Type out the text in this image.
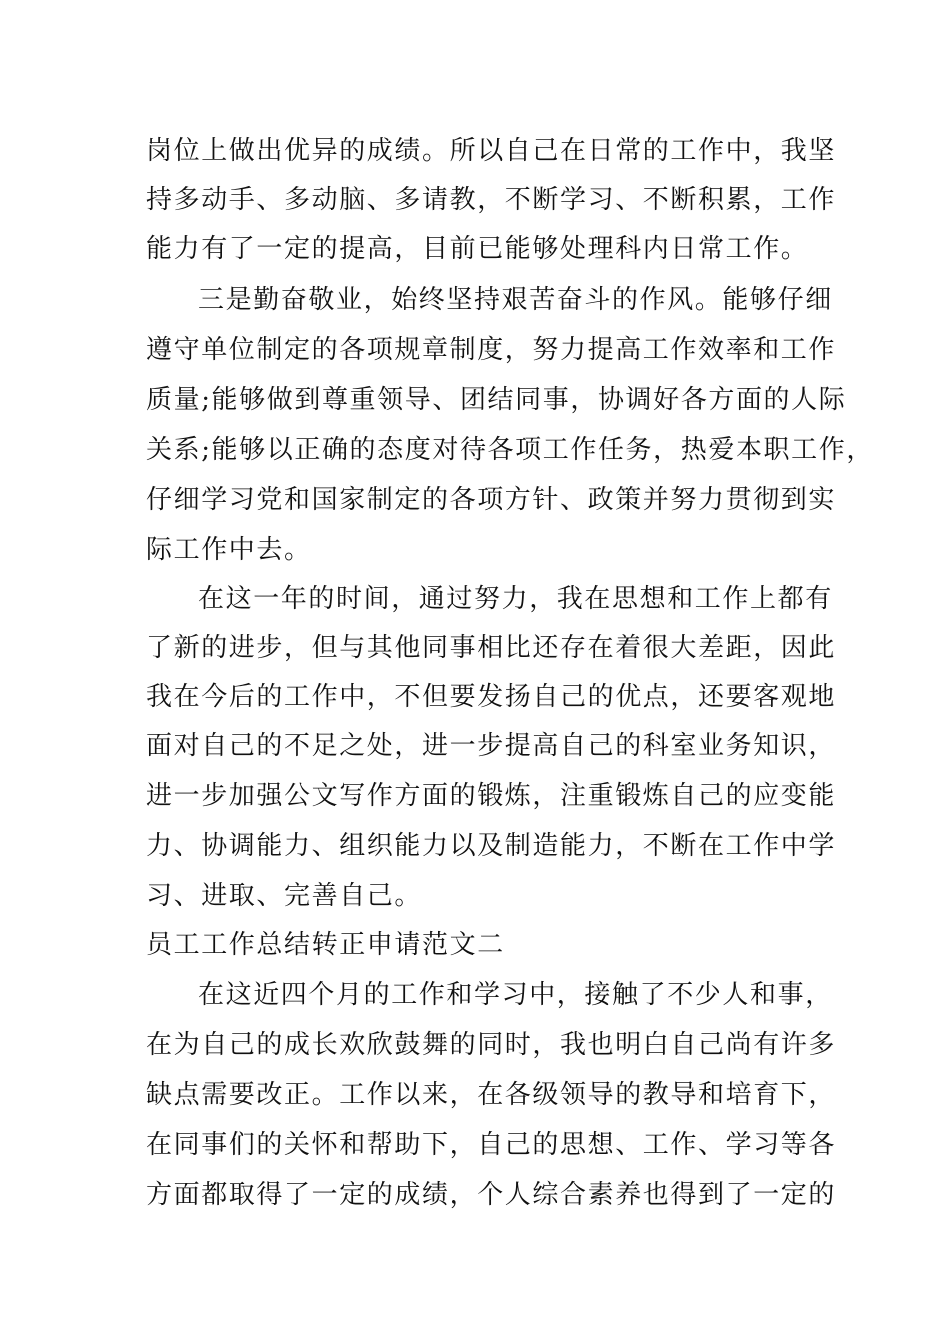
岗位上做出优异的成绩。所以自己在日常的工作中，我坚
持多动手、多动脑、多请教，不断学习、不断积累，工作
能力有了一定的提高，目前已能够处理科内日常工作。
三是勤奋敬业，始终坚持艰苦奋斗的作风。能够仔细
遵守单位制定的各项规章制度，努力提高工作效率和工作
质量;能够做到尊重领导、团结同事，协调好各方面的人际
关系;能够以正确的态度对待各项工作任务，热爱本职工作，
仔细学习党和国家制定的各项方针、政策并努力贯彻到实
际工作中去。
在这一年的时间，通过努力，我在思想和工作上都有
了新的进步，但与其他同事相比还存在着很大差距，因此
我在今后的工作中，不但要发扬自己的优点，还要客观地
面对自己的不足之处，进一步提高自己的科室业务知识，
进一步加强公文写作方面的锻炼，注重锻炼自己的应变能
力、协调能力、组织能力以及制造能力，不断在工作中学
习、进取、完善自己。
员工工作总结转正申请范文二
在这近四个月的工作和学习中，接触了不少人和事，
在为自己的成长欢欣鼓舞的同时，我也明白自己尚有许多
缺点需要改正。工作以来，在各级领导的教导和培育下，
在同事们的关怀和帮助下，自己的思想、工作、学习等各
方面都取得了一定的成绩，个人综合素养也得到了一定的
